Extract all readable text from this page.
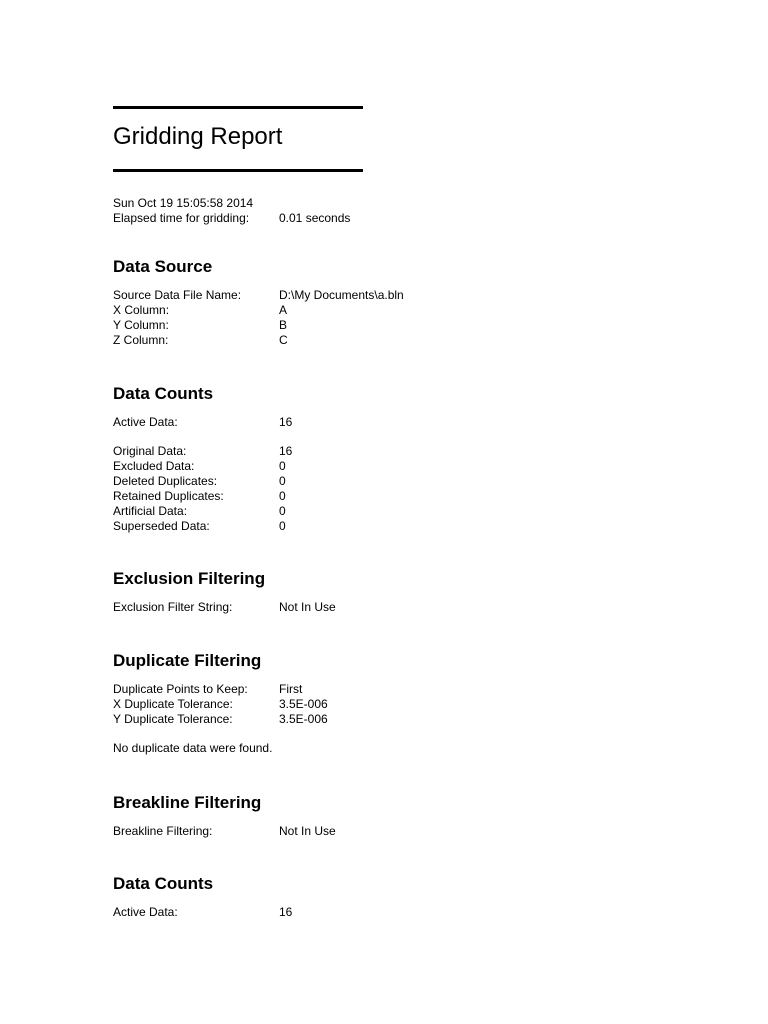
Gridding Report
Sun Oct 19 15:05:58 2014
Elapsed time for gridding:	0.01 seconds
Data Source
Source Data File Name:	D:\My Documents\a.bln
X Column:	A
Y Column:	B
Z Column:	C
Data Counts
Active Data:	16
Original Data:	16
Excluded Data:	0
Deleted Duplicates:	0
Retained Duplicates:	0
Artificial Data:	0
Superseded Data:	0
Exclusion Filtering
Exclusion Filter String:	Not In Use
Duplicate Filtering
Duplicate Points to Keep:	First
X Duplicate Tolerance:	3.5E-006
Y Duplicate Tolerance:	3.5E-006
No duplicate data were found.
Breakline Filtering
Breakline Filtering:	Not In Use
Data Counts
Active Data:	16
